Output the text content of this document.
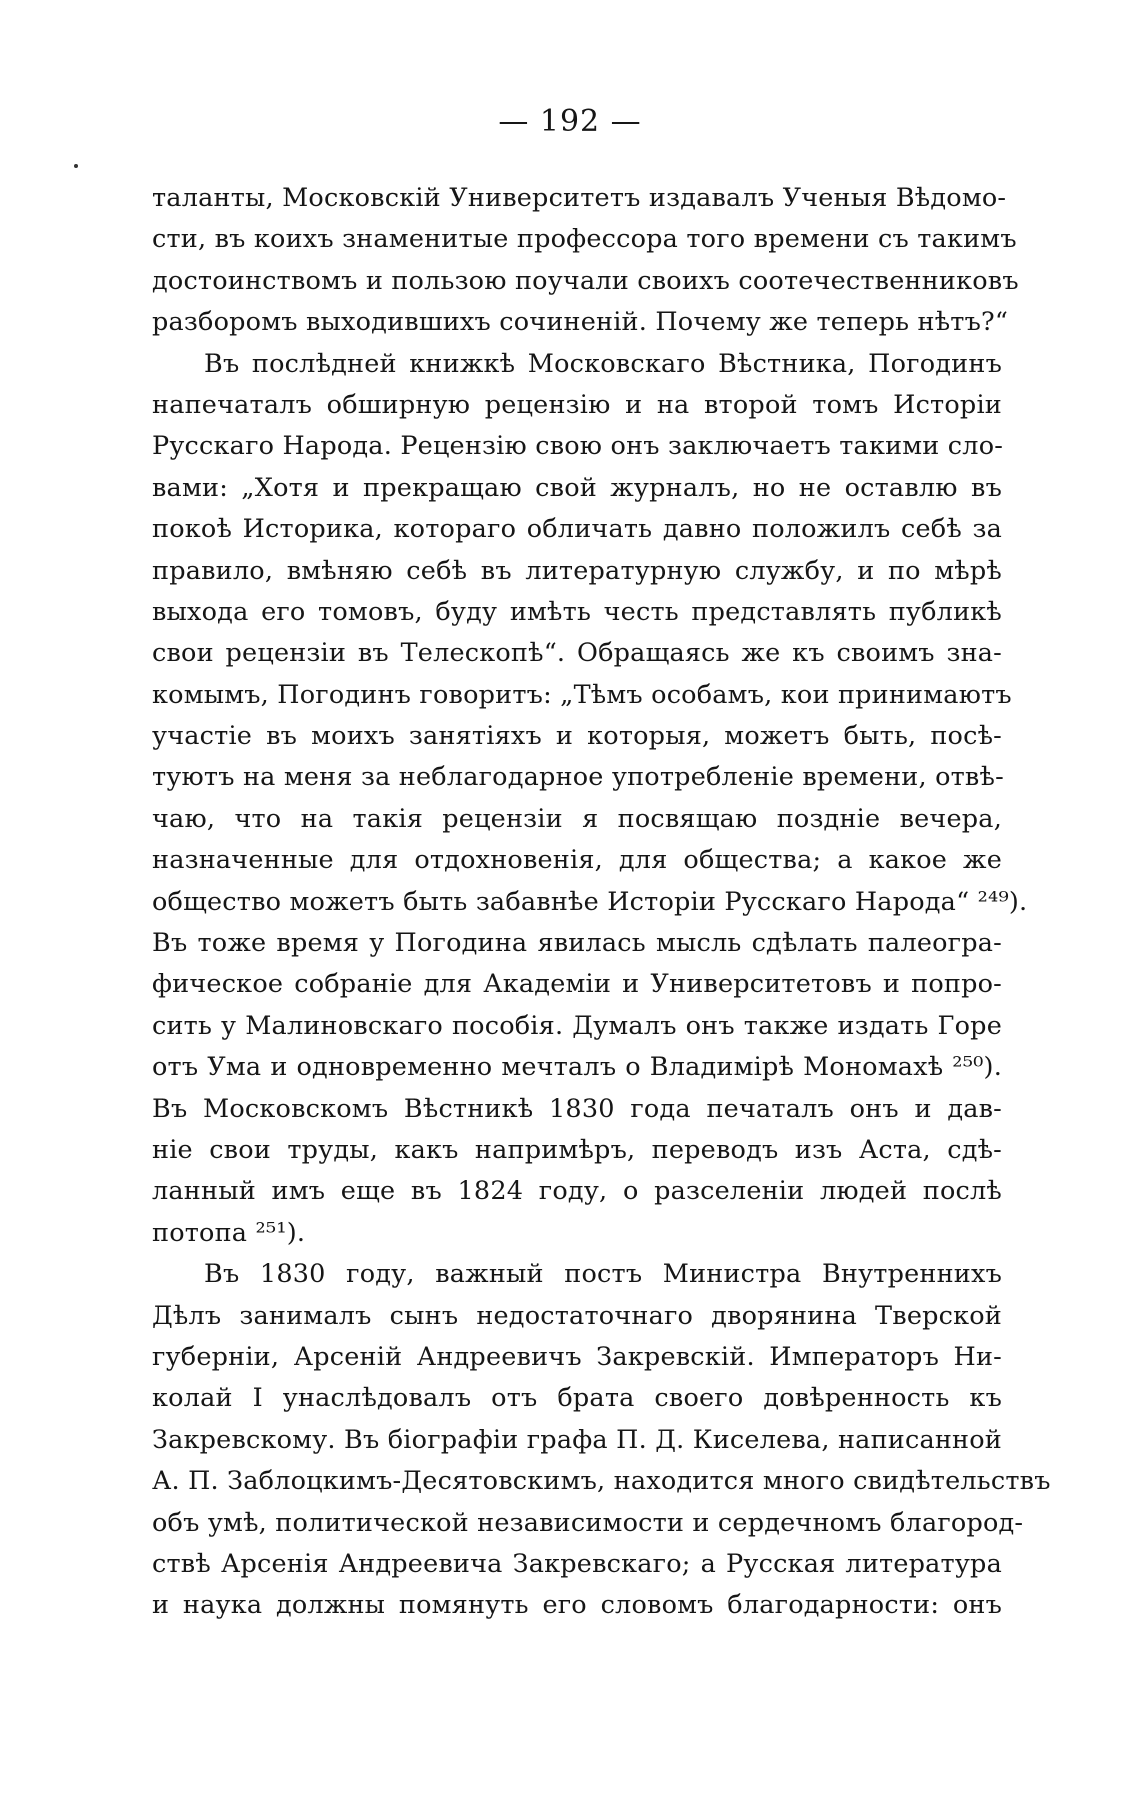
— 192 —
таланты, Московскій Университетъ издавалъ Ученыя Вѣдомо-
сти, въ коихъ знаменитые профессора того времени съ такимъ
достоинствомъ и пользою поучали своихъ соотечественниковъ
разборомъ выходившихъ сочиненій. Почему же теперь нѣтъ?“
Въ послѣдней книжкѣ Московскаго Вѣстника, Погодинъ
напечаталъ обширную рецензію и на второй томъ Исторіи
Русскаго Народа. Рецензію свою онъ заключаетъ такими сло-
вами: „Хотя и прекращаю свой журналъ, но не оставлю въ
покоѣ Историка, котораго обличать давно положилъ себѣ за
правило, вмѣняю себѣ въ литературную службу, и по мѣрѣ
выхода его томовъ, буду имѣть честь представлять публикѣ
свои рецензіи въ Телескопѣ“. Обращаясь же къ своимъ зна-
комымъ, Погодинъ говоритъ: „Тѣмъ особамъ, кои принимаютъ
участіе въ моихъ занятіяхъ и которыя, можетъ быть, посѣ-
туютъ на меня за неблагодарное употребленіе времени, отвѣ-
чаю, что на такія рецензіи я посвящаю поздніе вечера,
назначенные для отдохновенія, для общества; а какое же
общество можетъ быть забавнѣе Исторіи Русскаго Народа“ ²⁴⁹).
Въ тоже время у Погодина явилась мысль сдѣлать палеогра-
фическое собраніе для Академіи и Университетовъ и попро-
сить у Малиновскаго пособія. Думалъ онъ также издать Горе
отъ Ума и одновременно мечталъ о Владимірѣ Мономахѣ ²⁵⁰).
Въ Московскомъ Вѣстникѣ 1830 года печаталъ онъ и дав-
ніе свои труды, какъ напримѣръ, переводъ изъ Аста, сдѣ-
ланный имъ еще въ 1824 году, о разселеніи людей послѣ
потопа ²⁵¹).
Въ 1830 году, важный постъ Министра Внутреннихъ
Дѣлъ занималъ сынъ недостаточнаго дворянина Тверской
губерніи, Арсеній Андреевичъ Закревскій. Императоръ Ни-
колай I унаслѣдовалъ отъ брата своего довѣренность къ
Закревскому. Въ біографіи графа П. Д. Киселева, написанной
А. П. Заблоцкимъ-Десятовскимъ, находится много свидѣтельствъ
объ умѣ, политической независимости и сердечномъ благород-
ствѣ Арсенія Андреевича Закревскаго; а Русская литература
и наука должны помянуть его словомъ благодарности: онъ
